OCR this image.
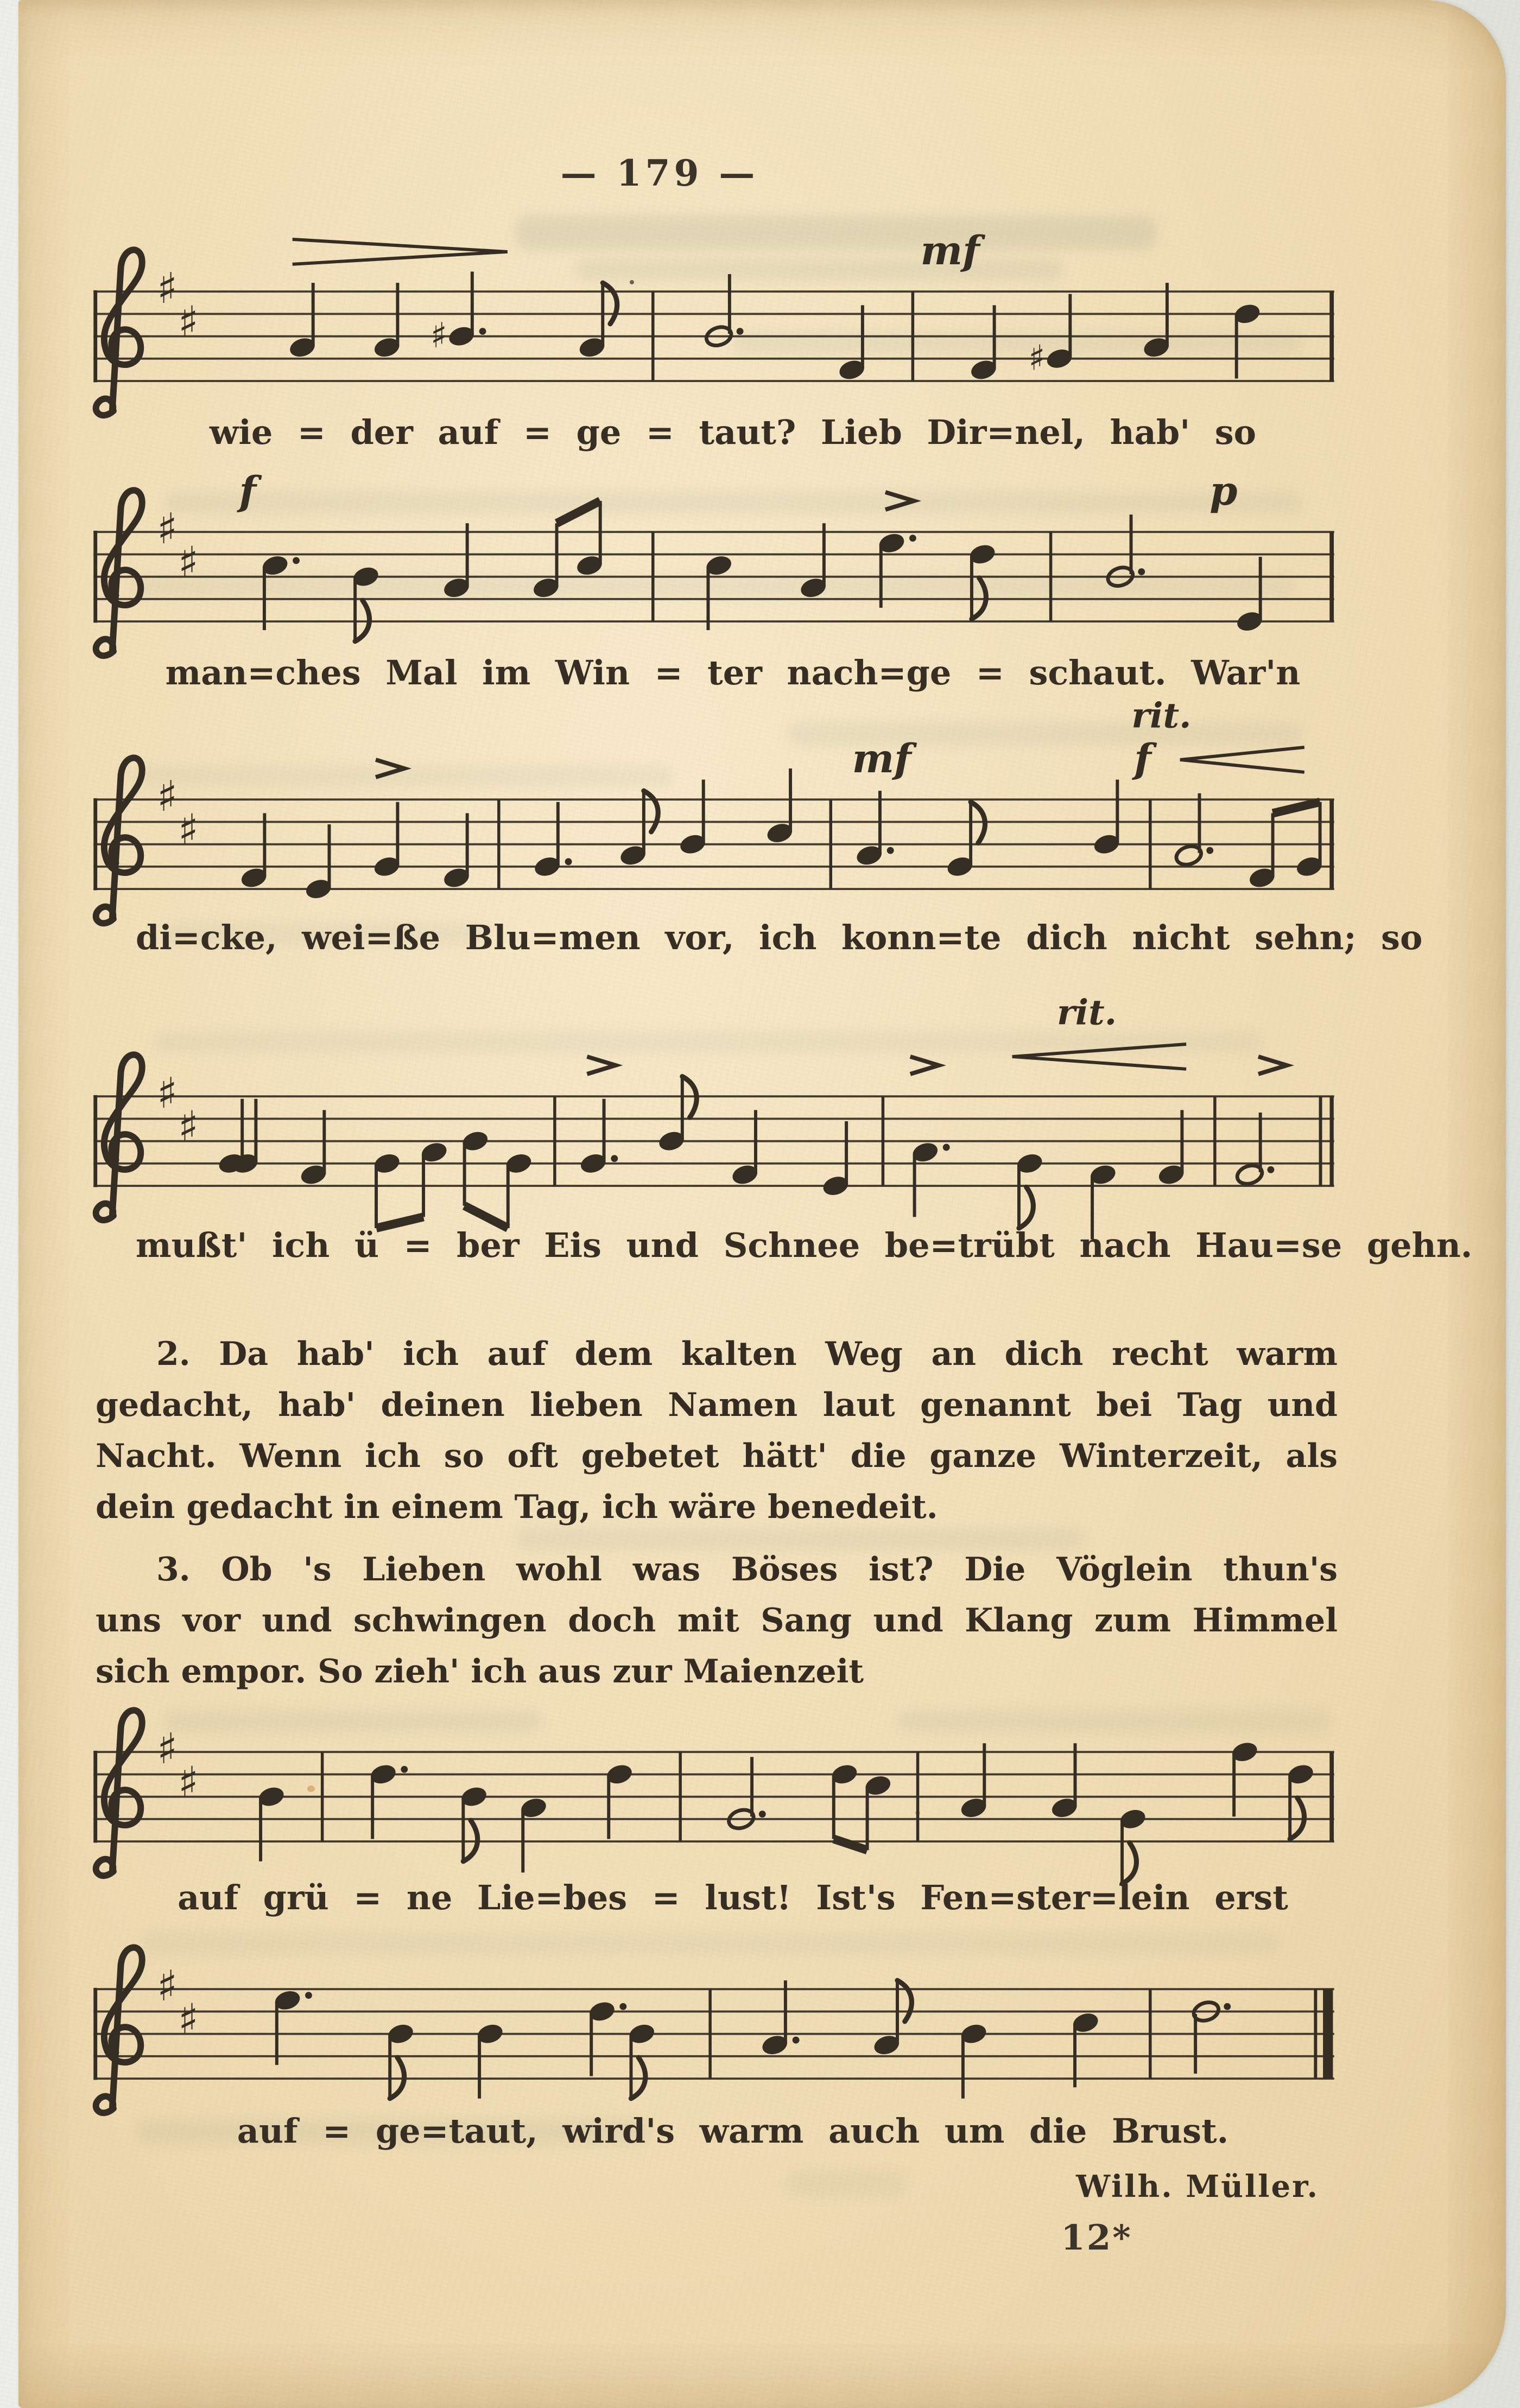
— 179 —
♯
♯	♯
♯
mf
♯
♯
f	p
♯
♯
mf	f
rit.
♯
♯
rit.
♯
♯
♯
♯
wie = der auf = ge = taut? Lieb Dir=nel, hab' so
man=ches Mal im Win = ter nach=ge = schaut. War'n
di=cke, wei=ße Blu=men vor, ich konn=te dich nicht sehn; so
mußt' ich ü = ber Eis und Schnee be=trübt nach Hau=se gehn.
auf grü = ne Lie=bes = lust! Ist's Fen=ster=lein erst
auf = ge=taut, wird's warm auch um die Brust.
2. Da hab' ich auf dem kalten Weg an dich recht warm
gedacht, hab' deinen lieben Namen laut genannt bei Tag und
Nacht. Wenn ich so oft gebetet hätt' die ganze Winterzeit, als
dein gedacht in einem Tag, ich wäre benedeit.
3. Ob 's Lieben wohl was Böses ist? Die Vöglein thun's
uns vor und schwingen doch mit Sang und Klang zum Himmel
sich empor. So zieh' ich aus zur Maienzeit
Wilh. Müller.
12*
